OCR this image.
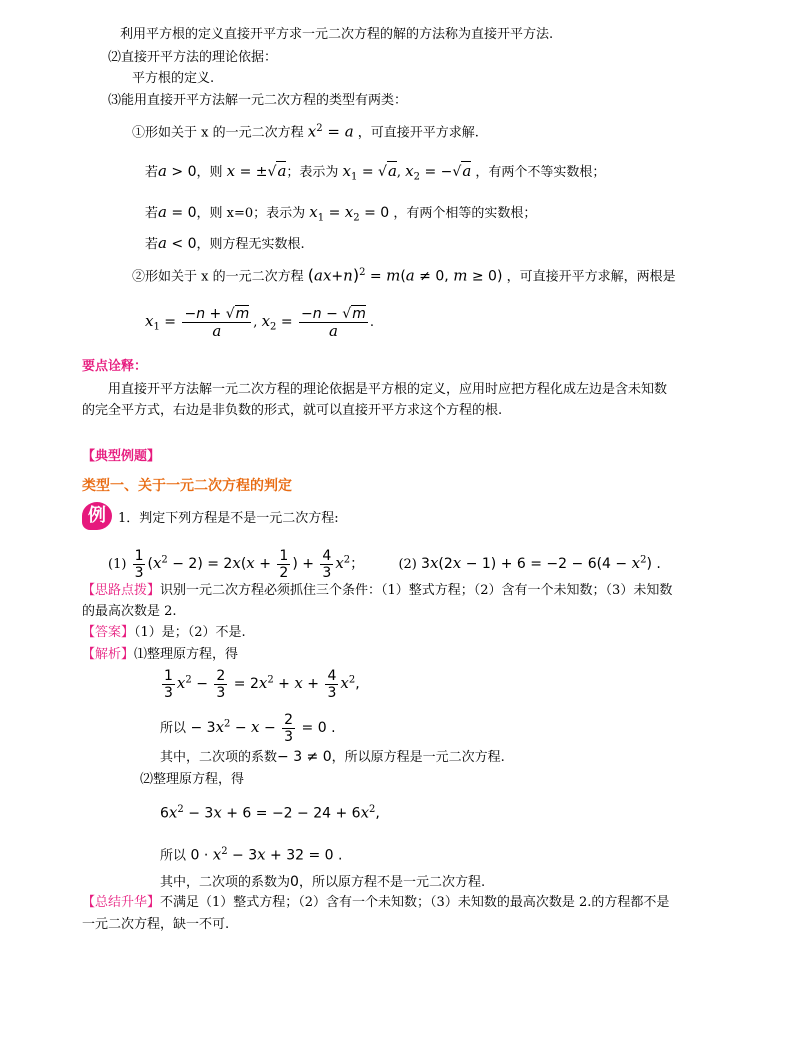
利用平方根的定义直接开平方求一元二次方程的解的方法称为直接开平方法.
⑵直接开平方法的理论依据：
平方根的定义.
⑶能用直接开平方法解一元二次方程的类型有两类：
①形如关于 x 的一元二次方程 $x^2 = a$ ，可直接开平方求解.
若a > 0，则 x = ±√a；表示为 $x_1 = √a$, $x_2 = -√a$ ，有两个不等实数根；
若a = 0，则 x=0；表示为 $x_1 = x_2 = 0$ ，有两个相等的实数根；
若a < 0，则方程无实数根.
②形如关于 x 的一元二次方程 $(ax+n)^2 = m(a \ne 0$, m ≥ 0) ，可直接开平方求解，两根是
$x_1 = \frac{-n + √m}{a}$ , $x_2 = \frac{-n - √m}{a}$ .
要点诠释：
用直接开平方法解一元二次方程的理论依据是平方根的定义，应用时应把方程化成左边是含未知数
的完全平方式，右边是非负数的形式，就可以直接开平方求这个方程的根.
【典型例题】
类型一、关于一元二次方程的判定
例 1．判定下列方程是不是一元二次方程:
$(1) \frac{1}{3} (x^2 - 2) = 2x(x + \frac{1}{2}$ ) + $\frac{4}{3} x^2$；	(2) $3x(2x - 1) + 6 = -2 - 6(4 - x^2)$ .
【思路点拨】识别一元二次方程必须抓住三个条件：（1）整式方程；（2）含有一个未知数；（3）未知数
的最高次数是 2.
【答案】（1）是；（2）不是.
【解析】⑴整理原方程，得
$\frac{1}{3} x^2 - \frac{2}{3} = 2x^2 + x + \frac{4}{3} x^2$,
所以 − $3x^2 - x - \frac{2}{3} = 0$ .
其中，二次项的系数− 3 ≠ 0，所以原方程是一元二次方程.
⑵整理原方程，得
$6x^2 - 3x + 6 = -2 - 24 + 6x^2$,
所以 $0 \cdot x^2 - 3x + 32 = 0$ .
其中，二次项的系数为0，所以原方程不是一元二次方程.
【总结升华】不满足（1）整式方程；（2）含有一个未知数；（3）未知数的最高次数是 2.的方程都不是
一元二次方程，缺一不可.
